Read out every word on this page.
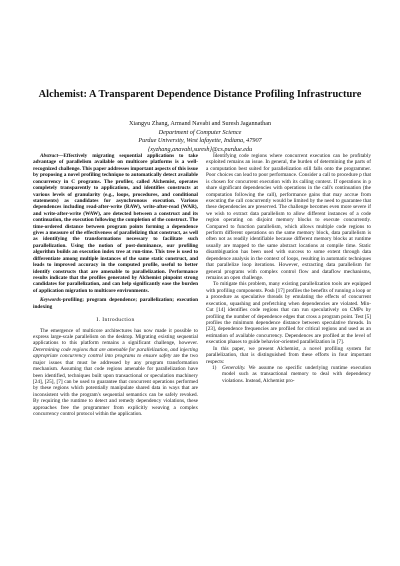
Alchemist: A Transparent Dependence Distance Profiling Infrastructure
Xiangyu Zhang, Armand Navabi and Suresh Jagannathan
Department of Computer Science
Purdue University, West lafayette, Indiana, 47907
{xyzhang,anavabi,suresh}@cs.purdue.edu

Abstract—Effectively migrating sequential applications to take advantage of parallelism available on multicore platforms is a well-recognized challenge. This paper addresses important aspects of this issue by proposing a novel profiling technique to automatically detect available concurrency in C programs. The profiler, called Alchemist, operates completely transparently to applications, and identifies constructs at various levels of granularity (e.g., loops, procedures, and conditional statements) as candidates for asynchronous execution. Various dependences including read-after-write (RAW), write-after-read (WAR), and write-after-write (WAW), are detected between a construct and its continuation, the execution following the completion of the construct. The time-ordered distance between program points forming a dependence gives a measure of the effectiveness of parallelizing that construct, as well as identifying the transformations necessary to facilitate such parallelization. Using the notion of post-dominance, our profiling algorithm builds an execution index tree at run-time. This tree is used to differentiate among multiple instances of the same static construct, and leads to improved accuracy in the computed profile, useful to better identify constructs that are amenable to parallelization. Performance results indicate that the profiles generated by Alchemist pinpoint strong candidates for parallelization, and can help significantly ease the burden of application migration to multicore environments.

Keywords-profiling; program dependence; parallelization; execution indexing

I. Introduction

The emergence of multicore architectures has now made it possible to express large-scale parallelism on the desktop. Migrating existing sequential applications to this platform remains a significant challenge, however. Determining code regions that are amenable for parallelization, and injecting appropriate concurrency control into programs to ensure safety are the two major issues that must be addressed by any program transformation mechanism. Assuming that code regions amenable for parallelization have been identified, techniques built upon transactional or speculation machinery [24], [25], [7] can be used to guarantee that concurrent operations performed by these regions which potentially manipulate shared data in ways that are inconsistent with the program's sequential semantics can be safely revoked. By requiring the runtime to detect and remedy dependency violations, these approaches free the programmer from explicitly weaving a complex concurrency control protocol within the application.

Identifying code regions where concurrent execution can be profitably exploited remains an issue. In general, the burden of determining the parts of a computation best suited for parallelization still falls onto the programmer. Poor choices can lead to poor performance. Consider a call to procedure p that is chosen for concurrent execution with its calling context. If operations in p share significant dependencies with operations in the call's continuation (the computation following the call), performance gains that may accrue from executing the call concurrently would be limited by the need to guarantee that these dependencies are preserved. The challenge becomes even more severe if we wish to extract data parallelism to allow different instances of a code region operating on disjoint memory blocks to execute concurrently. Compared to function parallelism, which allows multiple code regions to perform different operations on the same memory block, data parallelism is often not as readily identifiable because different memory blocks at runtime usually are mapped to the same abstract locations at compile time. Static disambiguation has been used with success to some extent through data dependence analysis in the context of loops, resulting in automatic techniques that parallelize loop iterations. However, extracting data parallelism for general programs with complex control flow and dataflow mechanisms, remains an open challenge.

To mitigate this problem, many existing parallelization tools are equipped with profiling components. Posh [17] profiles the benefits of running a loop or a procedure as speculative threads by emulating the effects of concurrent execution, squashing and prefetching when dependencies are violated. Min-Cut [14] identifies code regions that can run speculatively on CMPs by profiling the number of dependence edges that cross a program point. Test [5] profiles the minimum dependence distance between speculative threads. In [23], dependence frequencies are profiled for critical regions and used as an estimation of available concurrency. Dependences are profiled at the level of execution phases to guide behavior-oriented parallelization in [7].

In this paper, we present Alchemist, a novel profiling system for parallelization, that is distinguished from these efforts in four important respects:

1) Generality. We assume no specific underlying runtime execution model such as transactional memory to deal with dependency violations. Instead, Alchemist pro-
